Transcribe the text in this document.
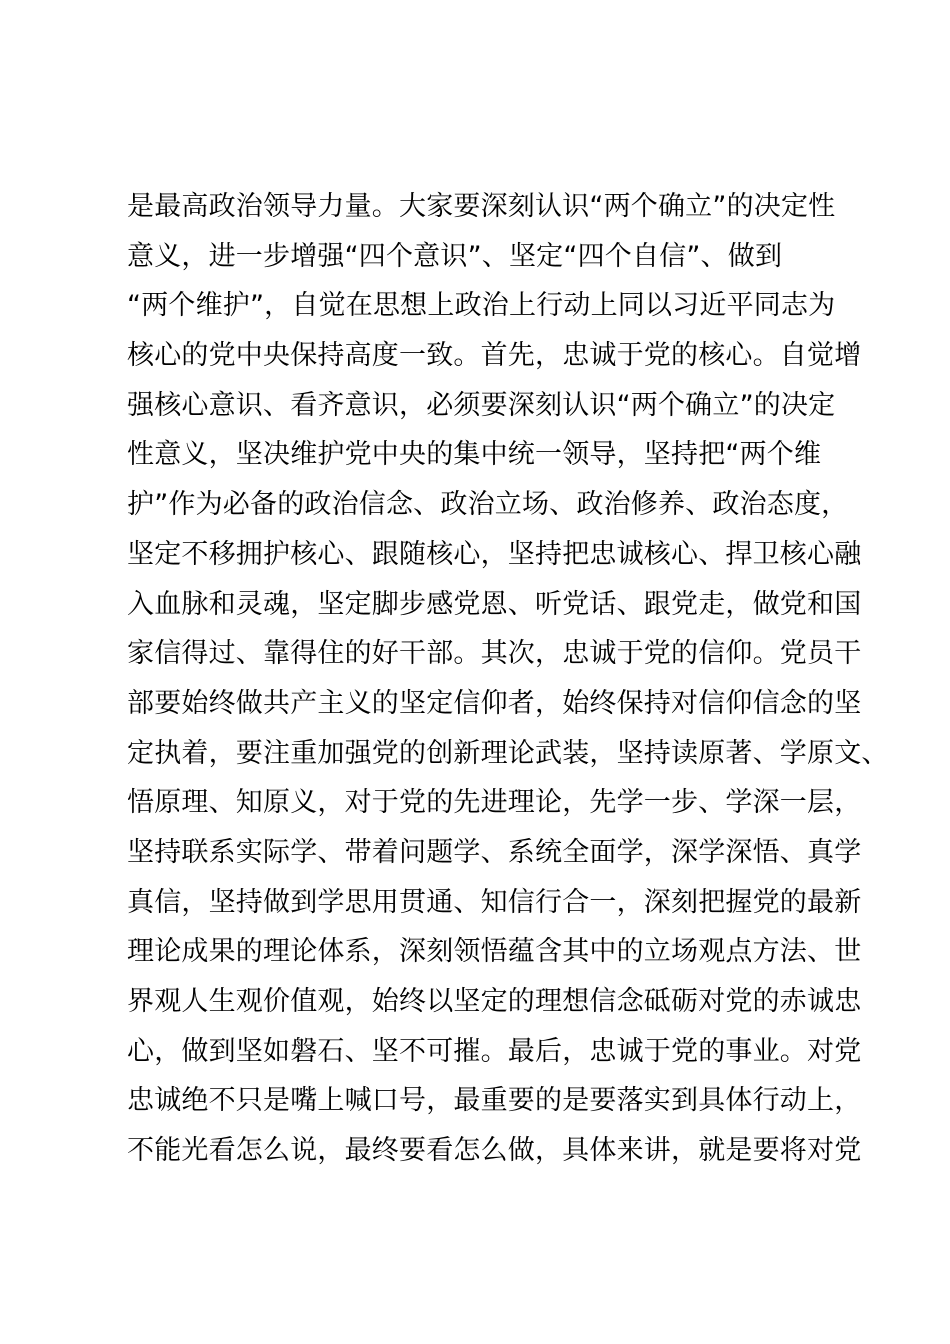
是最高政治领导力量。大家要深刻认识“两个确立”的决定性
意义，进一步增强“四个意识”、坚定“四个自信”、做到
“两个维护”，自觉在思想上政治上行动上同以习近平同志为
核心的党中央保持高度一致。首先，忠诚于党的核心。自觉增
强核心意识、看齐意识，必须要深刻认识“两个确立”的决定
性意义，坚决维护党中央的集中统一领导，坚持把“两个维
护”作为必备的政治信念、政治立场、政治修养、政治态度，
坚定不移拥护核心、跟随核心，坚持把忠诚核心、捍卫核心融
入血脉和灵魂，坚定脚步感党恩、听党话、跟党走，做党和国
家信得过、靠得住的好干部。其次，忠诚于党的信仰。党员干
部要始终做共产主义的坚定信仰者，始终保持对信仰信念的坚
定执着，要注重加强党的创新理论武装，坚持读原著、学原文、
悟原理、知原义，对于党的先进理论，先学一步、学深一层，
坚持联系实际学、带着问题学、系统全面学，深学深悟、真学
真信，坚持做到学思用贯通、知信行合一，深刻把握党的最新
理论成果的理论体系，深刻领悟蕴含其中的立场观点方法、世
界观人生观价值观，始终以坚定的理想信念砥砺对党的赤诚忠
心，做到坚如磐石、坚不可摧。最后，忠诚于党的事业。对党
忠诚绝不只是嘴上喊口号，最重要的是要落实到具体行动上，
不能光看怎么说，最终要看怎么做，具体来讲，就是要将对党
